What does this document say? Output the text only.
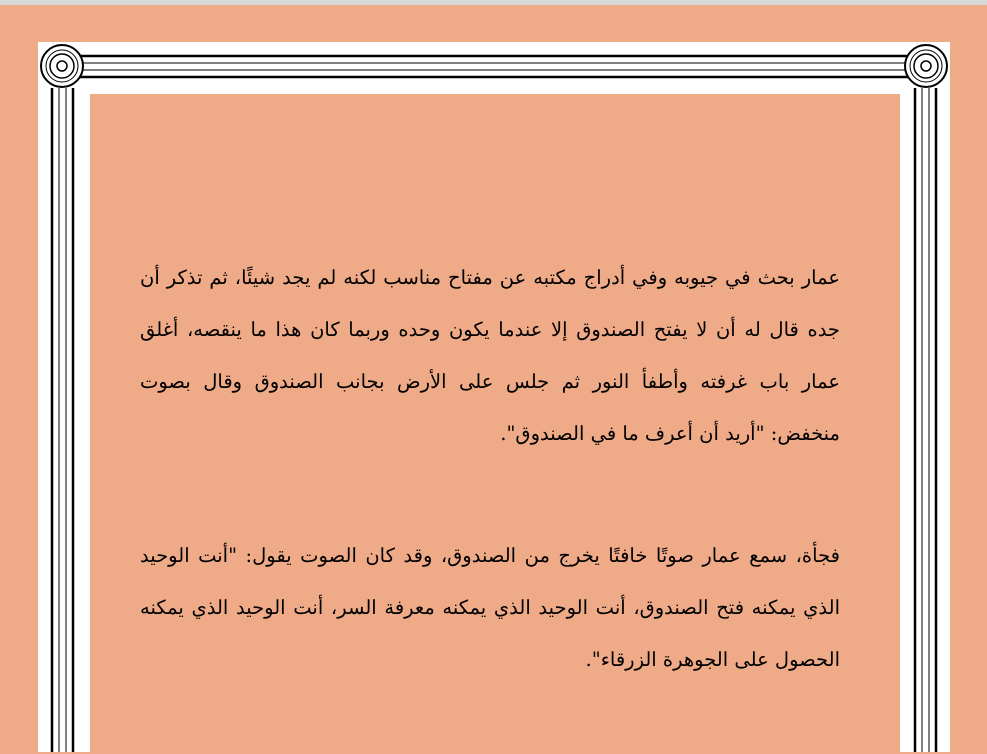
عمار بحث في جيوبه وفي أدراج مكتبه عن مفتاح مناسب لكنه لم يجد شيئًا، ثم تذكر أن جده قال له أن لا يفتح الصندوق إلا عندما يكون وحده وربما كان هذا ما ينقصه، أغلق عمار باب غرفته وأطفأ النور ثم جلس على الأرض بجانب الصندوق وقال بصوت منخفض: "أريد أن أعرف ما في الصندوق".

فجأة، سمع عمار صوتًا خافتًا يخرج من الصندوق، وقد كان الصوت يقول: "أنت الوحيد الذي يمكنه فتح الصندوق، أنت الوحيد الذي يمكنه معرفة السر، أنت الوحيد الذي يمكنه الحصول على الجوهرة الزرقاء".
